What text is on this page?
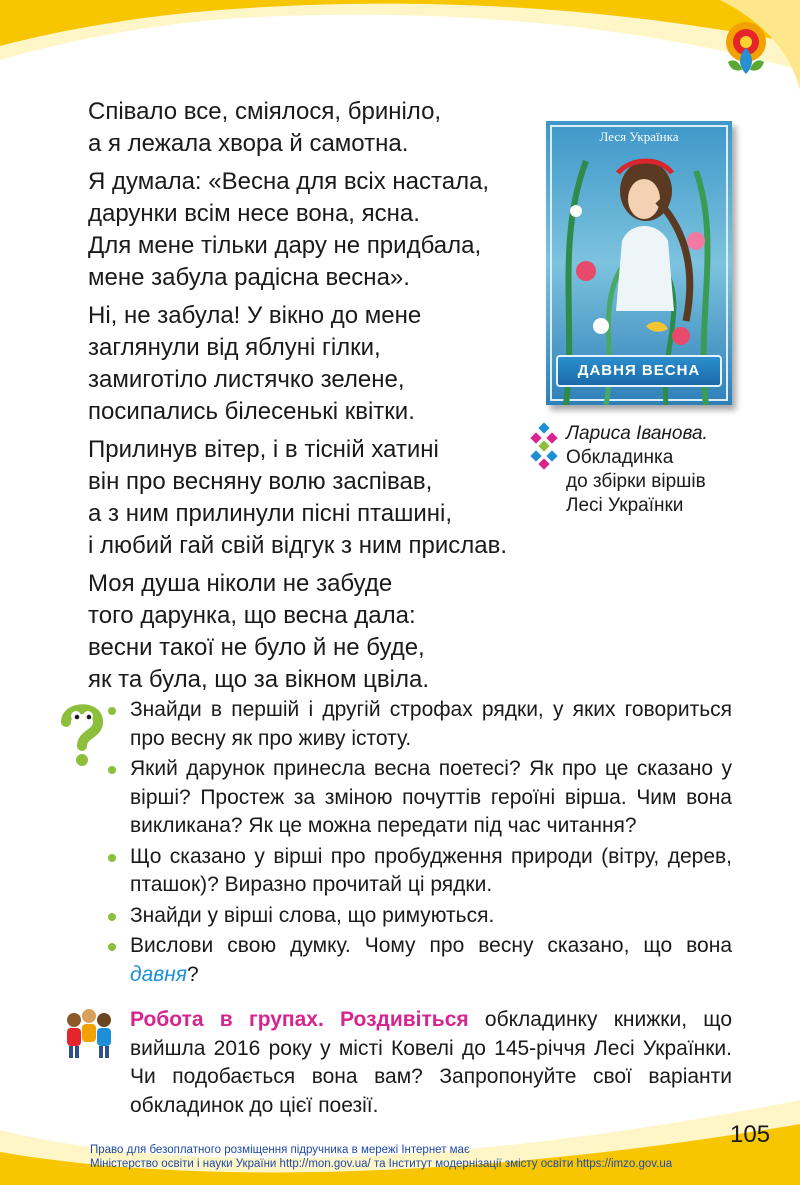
Співало все, сміялося, бриніло,
а я лежала хвора й самотна.
Я думала: «Весна для всіх настала,
дарунки всім несе вона, ясна.
Для мене тільки дару не придбала,
мене забула радісна весна».
Ні, не забула! У вікно до мене
заглянули від яблуні гілки,
замиготіло листячко зелене,
посипались білесенькі квітки.
Прилинув вітер, і в тісній хатині
він про весняну волю заспівав,
а з ним прилинули пісні пташині,
і любий гай свій відгук з ним прислав.
Моя душа ніколи не забуде
того дарунка, що весна дала:
весни такої не було й не буде,
як та була, що за вікном цвіла.
Леся Українка
ДАВНЯ ВЕСНА
Лариса Іванова.
Обкладинка
до збірки віршів
Лесі Українки
Знайди в першій і другій строфах рядки, у яких говориться про весну як про живу істоту.
Який дарунок принесла весна поетесі? Як про це сказано у вірші? Простеж за зміною почуттів героїні вірша. Чим вона викликана? Як це можна передати під час читання?
Що сказано у вірші про пробудження природи (вітру, дерев, пташок)? Виразно прочитай ці рядки.
Знайди у вірші слова, що римуються.
Вислови свою думку. Чому про весну сказано, що вона давня?
Робота в групах. Роздивіться обкладинку книжки, що вийшла 2016 року у місті Ковелі до 145-річчя Лесі Українки. Чи подобається вона вам? Запропонуйте свої варіанти обкладинок до цієї поезії.
105
Право для безоплатного розміщення підручника в мережі Інтернет має
Міністерство освіти і науки України http://mon.gov.ua/ та Інститут модернізації змісту освіти https://imzo.gov.ua
